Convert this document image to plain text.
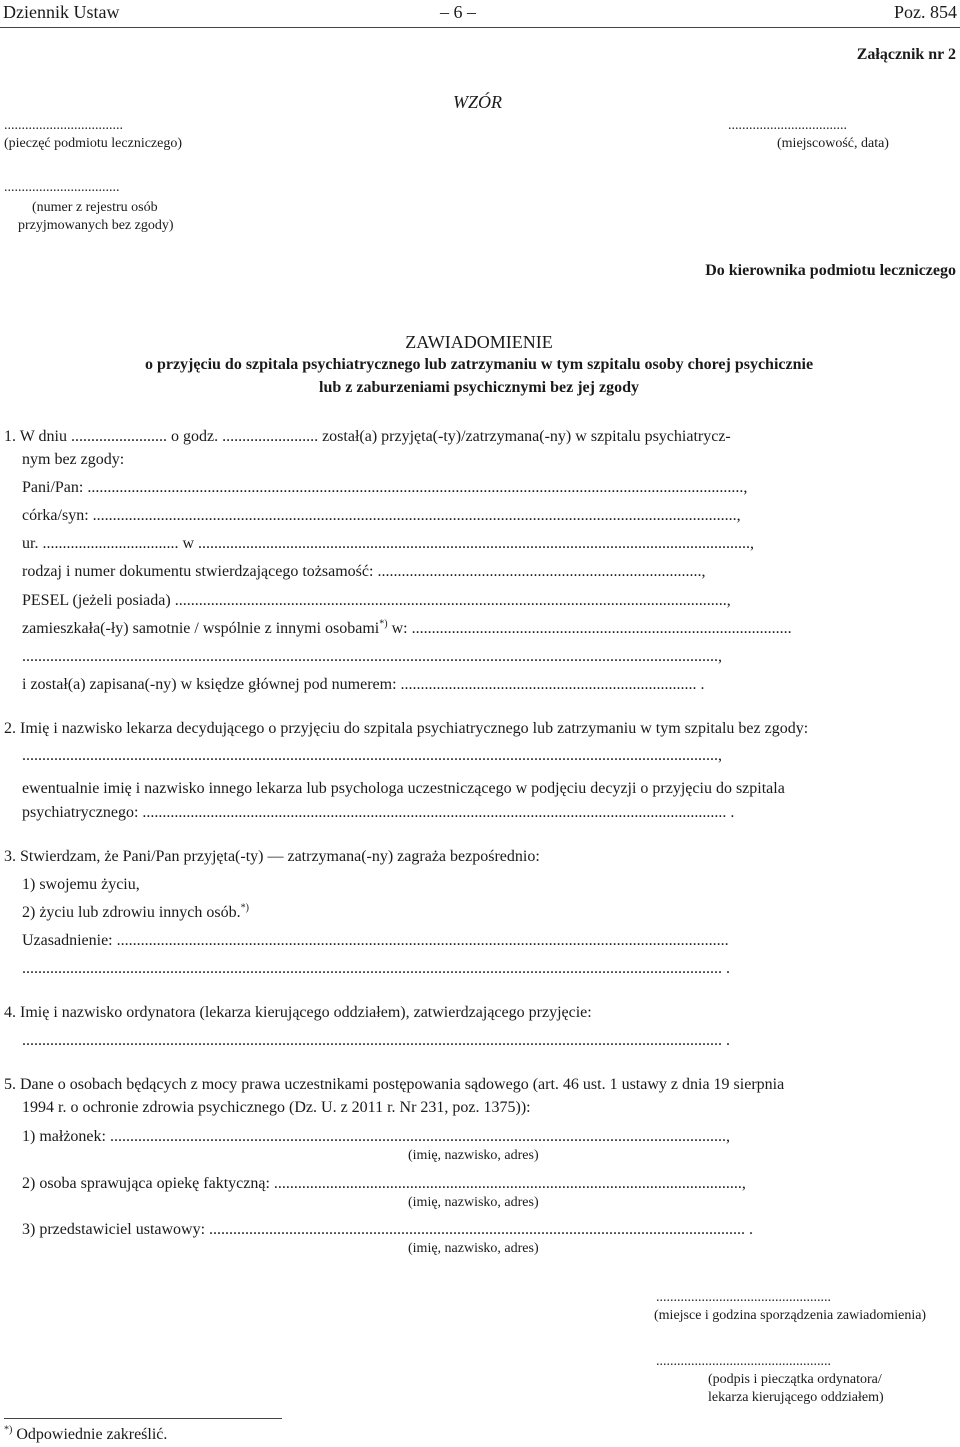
Dziennik Ustaw	– 6 –	Poz. 854
Załącznik nr 2
WZÓR
..................................
(pieczęć podmiotu leczniczego)
..................................
(miejscowość, data)
.................................
(numer z rejestru osób
przyjmowanych bez zgody)
Do kierownika podmiotu leczniczego
ZAWIADOMIENIE
o przyjęciu do szpitala psychiatrycznego lub zatrzymaniu w tym szpitalu osoby chorej psychicznie
lub z zaburzeniami psychicznymi bez jej zgody
1. W dniu ........................ o godz. ........................ został(a) przyjęta(-ty)/zatrzymana(-ny) w szpitalu psychiatrycz-
nym bez zgody:
Pani/Pan: ....................................................................................................................................................................,
córka/syn: .................................................................................................................................................................,
ur. .................................. w ..........................................................................................................................................,
rodzaj i numer dokumentu stwierdzającego tożsamość: .................................................................................,
PESEL (jeżeli posiada) ..........................................................................................................................................,
zamieszkała(-ły) samotnie / wspólnie z innymi osobami*) w: ...............................................................................................
..............................................................................................................................................................................,
i został(a) zapisana(-ny) w księdze głównej pod numerem: .......................................................................... .
2. Imię i nazwisko lekarza decydującego o przyjęciu do szpitala psychiatrycznego lub zatrzymaniu w tym szpitalu bez zgody:
..............................................................................................................................................................................,
ewentualnie imię i nazwisko innego lekarza lub psychologa uczestniczącego w podjęciu decyzji o przyjęciu do szpitala
psychiatrycznego: .................................................................................................................................................. .
3. Stwierdzam, że Pani/Pan przyjęta(-ty) — zatrzymana(-ny) zagraża bezpośrednio:
1) swojemu życiu,
2) życiu lub zdrowiu innych osób.*)
Uzasadnienie: .........................................................................................................................................................
............................................................................................................................................................................... .
4. Imię i nazwisko ordynatora (lekarza kierującego oddziałem), zatwierdzającego przyjęcie:
............................................................................................................................................................................... .
5. Dane o osobach będących z mocy prawa uczestnikami postępowania sądowego (art. 46 ust. 1 ustawy z dnia 19 sierpnia
1994 r. o ochronie zdrowia psychicznego (Dz. U. z 2011 r. Nr 231, poz. 1375)):
1) małżonek: ..........................................................................................................................................................,
(imię, nazwisko, adres)
2) osoba sprawująca opiekę faktyczną: .....................................................................................................................,
(imię, nazwisko, adres)
3) przedstawiciel ustawowy: ...................................................................................................................................... .
(imię, nazwisko, adres)
..................................................
(miejsce i godzina sporządzenia zawiadomienia)
..................................................
(podpis i pieczątka ordynatora/
lekarza kierującego oddziałem)
*) Odpowiednie zakreślić.
